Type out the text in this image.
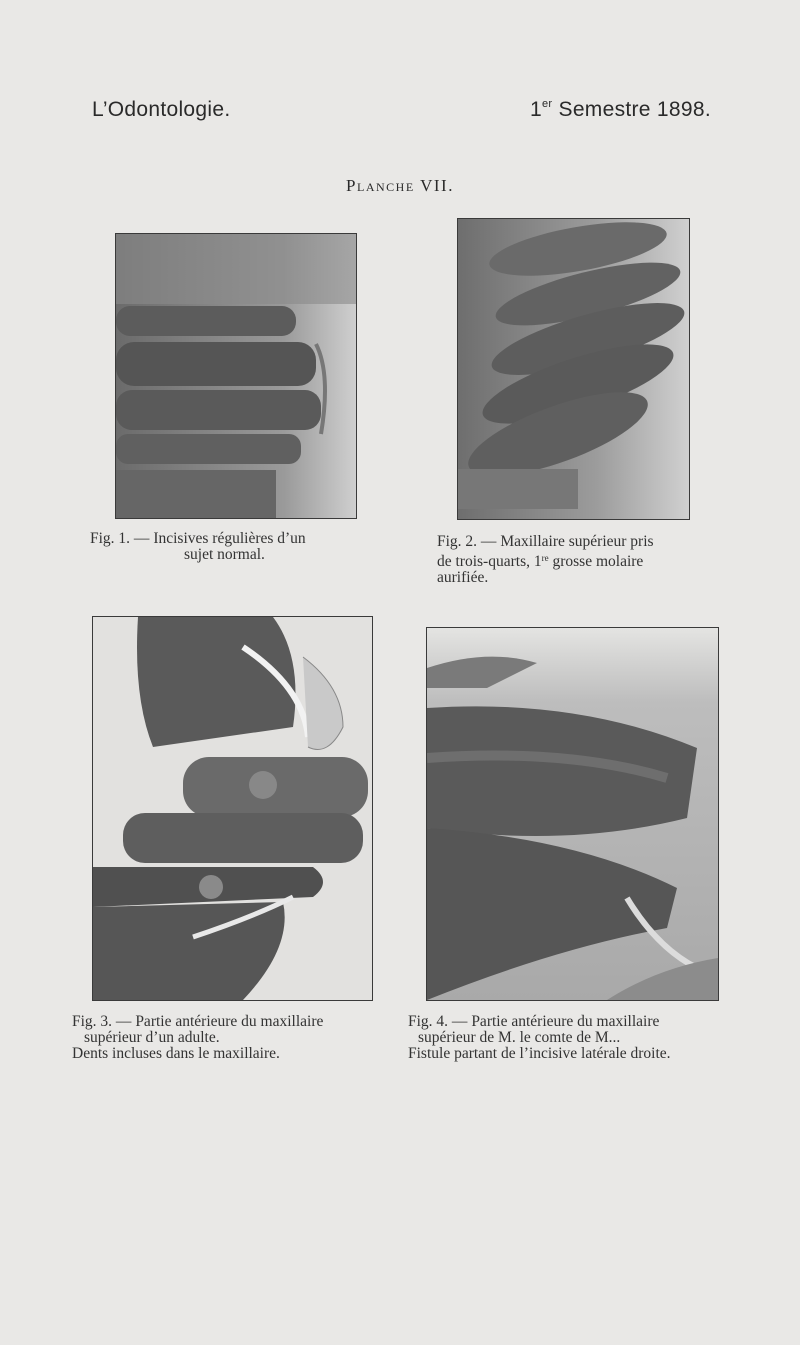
L’Odontologie.	1er Semestre 1898.
Planche VII.

Fig. 1. — Incisives régulières d’un

sujet normal.

Fig. 2. — Maxillaire supérieur pris

de trois-quarts, 1re grosse molaire

aurifiée.

Fig. 3. — Partie antérieure du maxillaire

supérieur d’un adulte.

Dents incluses dans le maxillaire.

Fig. 4. — Partie antérieure du maxillaire

supérieur de M. le comte de M...

Fistule partant de l’incisive latérale droite.
